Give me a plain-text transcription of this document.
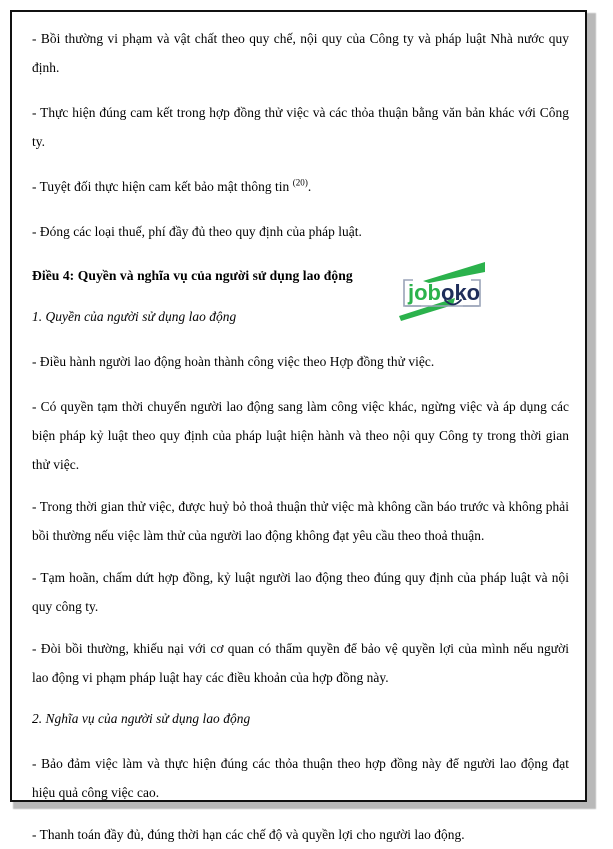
- Bồi thường vi phạm và vật chất theo quy chế, nội quy của Công ty và pháp luật Nhà nước quy định.

- Thực hiện đúng cam kết trong hợp đồng thử việc và các thỏa thuận bằng văn bản khác với Công ty.

- Tuyệt đối thực hiện cam kết bảo mật thông tin $^{(20)}$.

- Đóng các loại thuế, phí đầy đủ theo quy định của pháp luật.

Điều 4: Quyền và nghĩa vụ của người sử dụng lao động

1. Quyền của người sử dụng lao động

- Điều hành người lao động hoàn thành công việc theo Hợp đồng thử việc.

- Có quyền tạm thời chuyển người lao động sang làm công việc khác, ngừng việc và áp dụng các biện pháp kỷ luật theo quy định của pháp luật hiện hành và theo nội quy Công ty trong thời gian thử việc.

- Trong thời gian thử việc, được huỷ bỏ thoả thuận thử việc mà không cần báo trước và không phải bồi thường nếu việc làm thử của người lao động không đạt yêu cầu theo thoả thuận.

- Tạm hoãn, chấm dứt hợp đồng, kỷ luật người lao động theo đúng quy định của pháp luật và nội quy công ty.

- Đòi bồi thường, khiếu nại với cơ quan có thẩm quyền để bảo vệ quyền lợi của mình nếu người lao động vi phạm pháp luật hay các điều khoản của hợp đồng này.

2. Nghĩa vụ của người sử dụng lao động

- Bảo đảm việc làm và thực hiện đúng các thỏa thuận theo hợp đồng này để người lao động đạt hiệu quả công việc cao.

- Thanh toán đầy đủ, đúng thời hạn các chế độ và quyền lợi cho người lao động.

job oko
